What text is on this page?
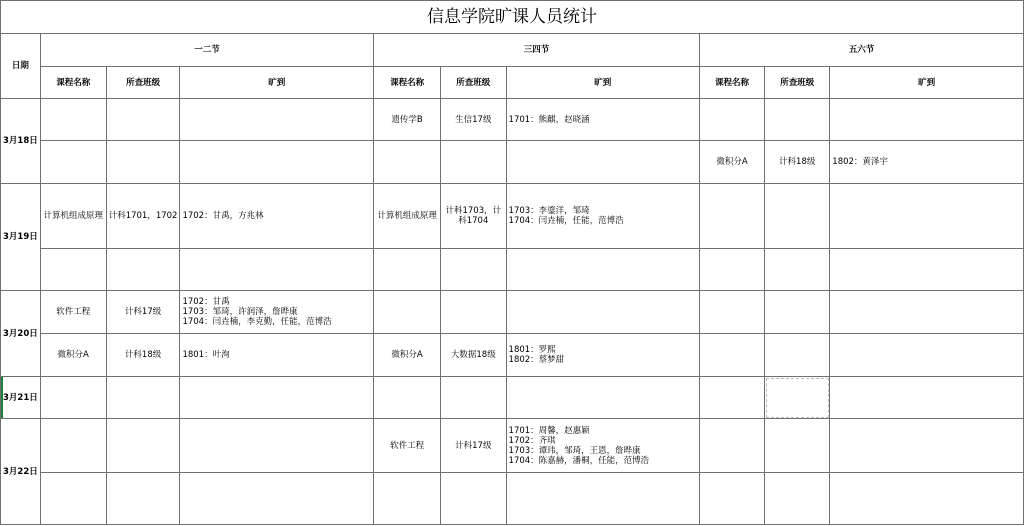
信息学院旷课人员统计									
日期	一二节			三四节			五六节		
	课程名称	所查班级	旷到	课程名称	所查班级	旷到	课程名称	所查班级	旷到
3月18日				遗传学B	生信17级	1701：熊麒，赵晓涵			
							微积分A	计科18级	1802：黄泽宇
3月19日	计算机组成原理	计科1701，1702	1702：甘禹，方兆林	计算机组成原理	计科1703，计科1704	1703：李鎏洋，邹琦
1704：闫垚楠，任能，范博浩			

3月20日	软件工程	计科17级	1702：甘禹
1703：邹琦，许润泽，詹晔康
1704：闫垚楠，李克勤，任能，范博浩						
	微积分A	计科18级	1801：叶洵	微积分A	大数据18级	1801：罗熙
1802：蔡梦甜			
3月21日									
3月22日				软件工程	计科17级	1701：周馨，赵惠颖
1702：齐琪
1703：谭玮，邹琦，王恩，詹晔康
1704：陈嘉赫，潘桐，任能，范博浩			
